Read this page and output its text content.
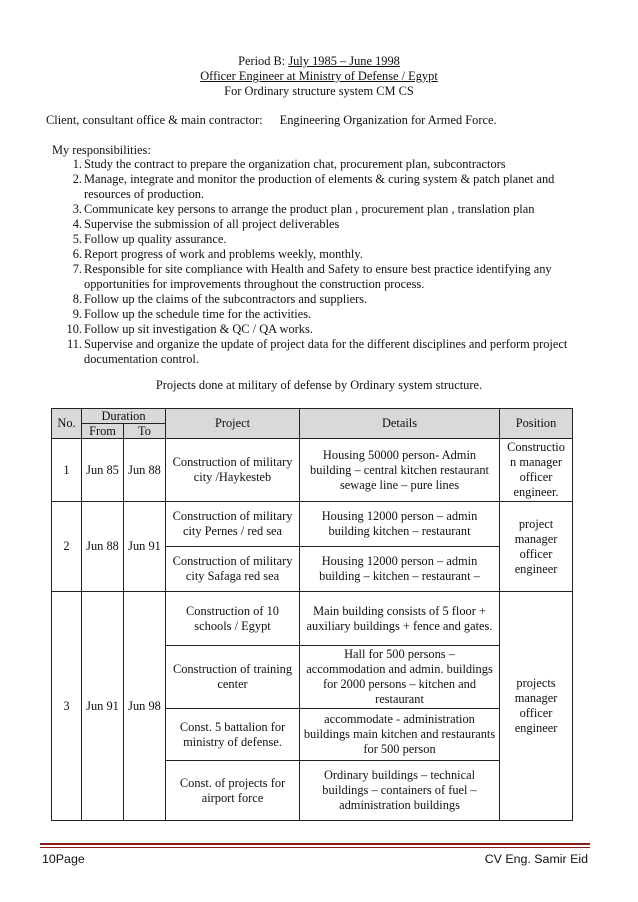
Period B: July 1985 – June 1998
Officer Engineer at Ministry of Defense / Egypt
For Ordinary structure system CM CS
Client, consultant office & main contractor: Engineering Organization for Armed Force.
My responsibilities:
1. Study the contract to prepare the organization chat, procurement plan, subcontractors
2. Manage, integrate and monitor the production of elements & curing system & patch planet and resources of production.
3. Communicate key persons to arrange the product plan , procurement plan , translation plan
4. Supervise the submission of all project deliverables
5. Follow up quality assurance.
6. Report progress of work and problems weekly, monthly.
7. Responsible for site compliance with Health and Safety to ensure best practice identifying any opportunities for improvements throughout the construction process.
8. Follow up the claims of the subcontractors and suppliers.
9. Follow up the schedule time for the activities.
10. Follow up sit investigation & QC / QA works.
11. Supervise and organize the update of project data for the different disciplines and perform project documentation control.
Projects done at military of defense by Ordinary system structure.
No.	Duration		Project	Details	Position
	From	To			
1	Jun 85	Jun 88	Construction of military city /Haykesteb	Housing 50000 person- Admin building – central kitchen restaurant sewage line – pure lines	Constructio n manager officer engineer.
2	Jun 88	Jun 91	Construction of military city Pernes / red sea	Housing 12000 person – admin building kitchen – restaurant	project manager officer engineer
			Construction of military city Safaga red sea	Housing 12000 person – admin building – kitchen – restaurant –	
3	Jun 91	Jun 98	Construction of 10 schools / Egypt	Main building consists of 5 floor + auxiliary buildings + fence and gates.	projects manager officer engineer
			Construction of training center	Hall for 500 persons – accommodation and admin. buildings for 2000 persons – kitchen and restaurant	
			Const. 5 battalion for ministry of defense.	accommodate - administration buildings main kitchen and restaurants for 500 person	
			Const. of projects for airport force	Ordinary buildings – technical buildings – containers of fuel – administration buildings	
10Page	CV Eng. Samir Eid
